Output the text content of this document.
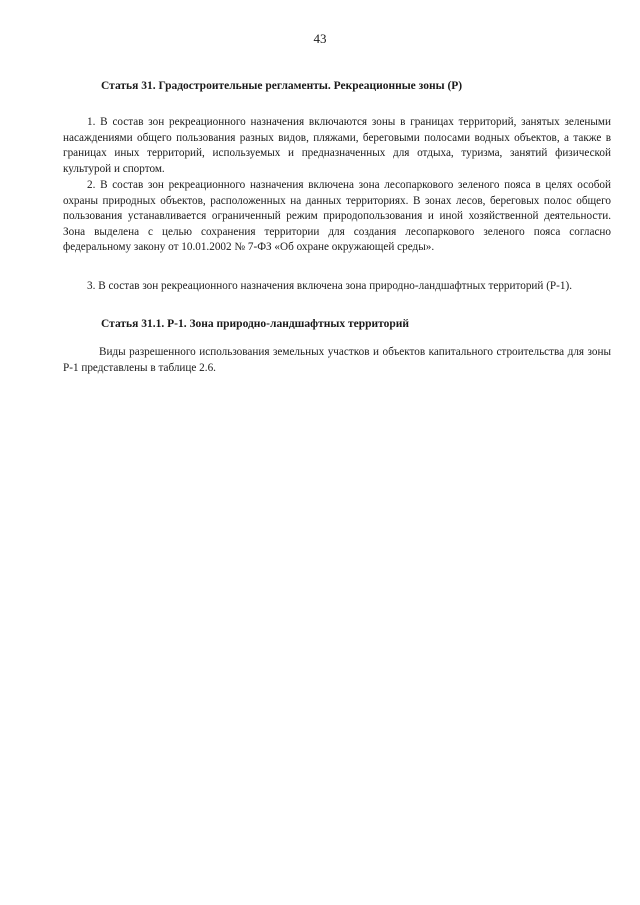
43
Статья 31. Градостроительные регламенты. Рекреационные зоны (Р)

1. В состав зон рекреационного назначения включаются зоны в границах территорий, занятых зелеными насаждениями общего пользования разных видов, пляжами, береговыми полосами водных объектов, а также в границах иных территорий, используемых и предназначенных для отдыха, туризма, занятий физической культурой и спортом.

2. В состав зон рекреационного назначения включена зона лесопаркового зеленого пояса в целях особой охраны природных объектов, расположенных на данных территориях. В зонах лесов, береговых полос общего пользования устанавливается ограниченный режим природопользования и иной хозяйственной деятельности. Зона выделена с целью сохранения территории для создания лесопаркового зеленого пояса согласно федеральному закону от 10.01.2002 № 7-ФЗ «Об охране окружающей среды».

3. В состав зон рекреационного назначения включена зона природно-ландшафтных территорий (Р-1).

Статья 31.1. Р-1. Зона природно-ландшафтных территорий

Виды разрешенного использования земельных участков и объектов капитального строительства для зоны Р-1 представлены в таблице 2.6.
